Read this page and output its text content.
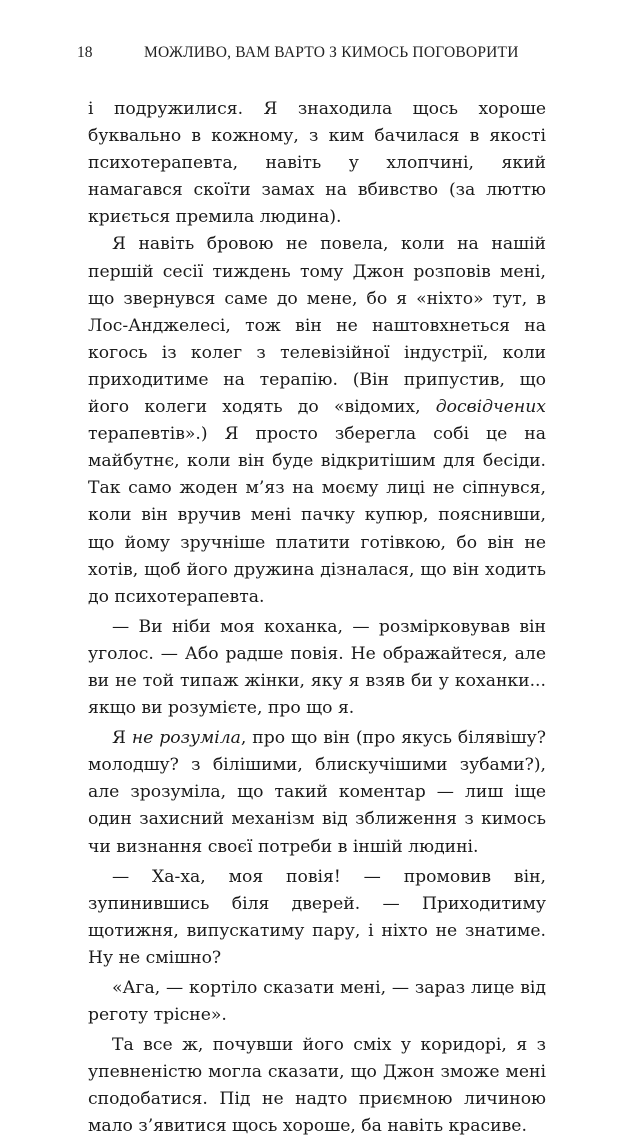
18	МОЖЛИВО, ВАМ ВАРТО З КИМОСЬ ПОГОВОРИТИ

і подружилися. Я знаходила щось хороше буквально в кожному, з ким бачилася в якості психотерапевта, навіть у хлопчині, який намагався скоїти замах на вбивство (за люттю криється премила людина).

Я навіть бровою не повела, коли на нашій першій сесії тиждень тому Джон розповів мені, що звернувся саме до мене, бо я «ніхто» тут, в Лос-Анджелесі, тож він не наштовхнеться на когось із колег з телевізійної індустрії, коли приходитиме на терапію. (Він припустив, що його колеги ходять до «відомих, досвідчених терапевтів».) Я просто зберегла собі це на майбутнє, коли він буде відкритішим для бесіди. Так само жоден м’яз на моєму лиці не сіпнувся, коли він вручив мені пачку купюр, пояснивши, що йому зручніше платити готівкою, бо він не хотів, щоб його дружина дізналася, що він ходить до психотерапевта.

— Ви ніби моя коханка, — розмірковував він уголос. — Або радше повія. Не ображайтеся, але ви не той типаж жінки, яку я взяв би у коханки... якщо ви розумієте, про що я.

Я не розуміла, про що він (про якусь білявішу? молодшу? з білішими, блискучішими зубами?), але зрозуміла, що такий коментар — лиш іще один захисний механізм від зближення з кимось чи визнання своєї потреби в іншій людині.

— Ха-ха, моя повія! — промовив він, зупинившись біля дверей. — Приходитиму щотижня, випускатиму пару, і ніхто не знатиме. Ну не смішно?

«Ага, — кортіло сказати мені, — зараз лице від реготу трісне».

Та все ж, почувши його сміх у коридорі, я з упевненістю могла сказати, що Джон зможе мені сподобатися. Під не надто приємною личиною мало з’явитися щось хороше, ба навіть красиве.
